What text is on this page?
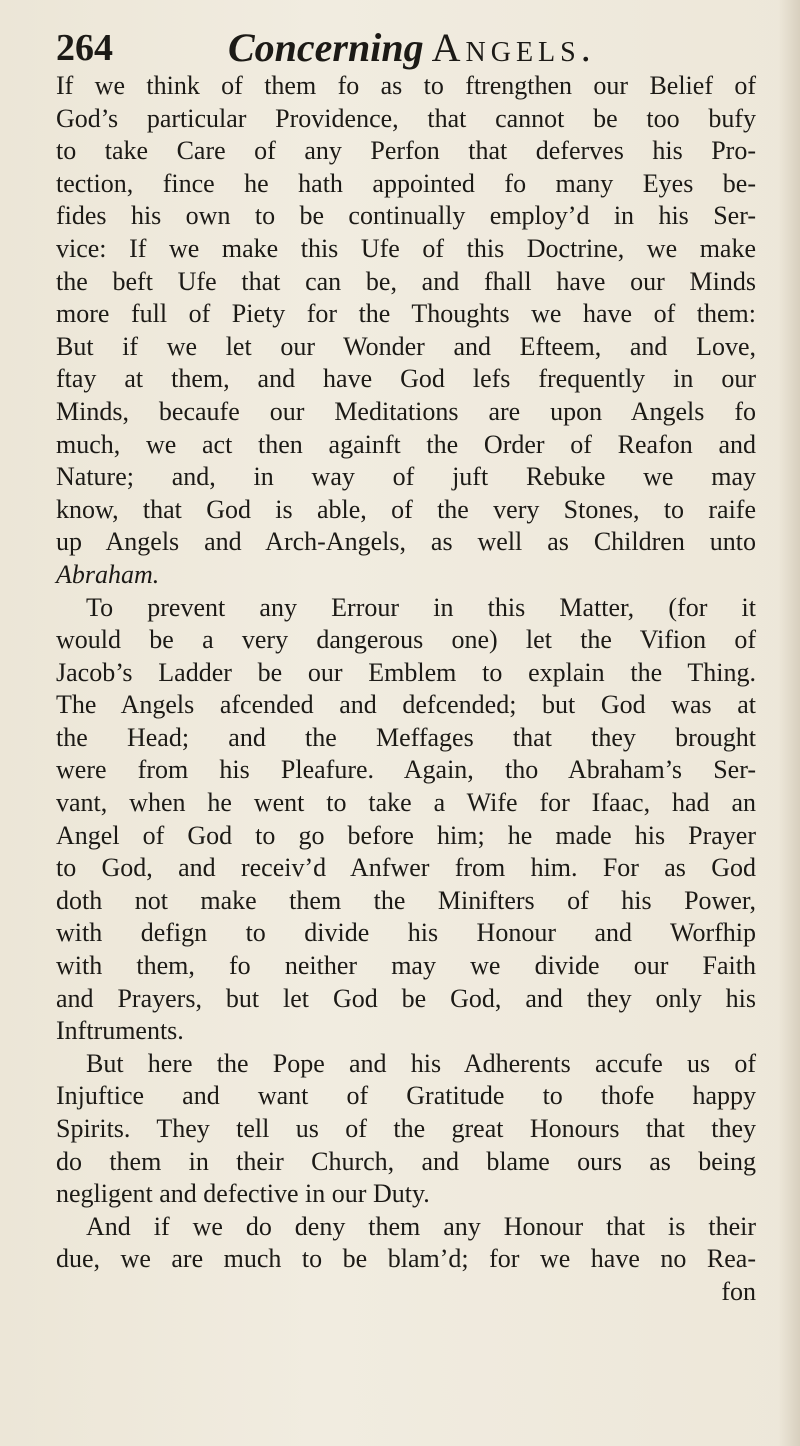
264	Concerning Angels.
If we think of them fo as to ftrengthen our Belief of
God’s particular Providence, that cannot be too bufy
to take Care of any Perfon that deferves his Pro-
tection, fince he hath appointed fo many Eyes be-
fides his own to be continually employ’d in his Ser-
vice: If we make this Ufe of this Doctrine, we make
the beft Ufe that can be, and fhall have our Minds
more full of Piety for the Thoughts we have of them:
But if we let our Wonder and Efteem, and Love,
ftay at them, and have God lefs frequently in our
Minds, becaufe our Meditations are upon Angels fo
much, we act then againft the Order of Reafon and
Nature; and, in way of juft Rebuke we may
know, that God is able, of the very Stones, to raife
up Angels and Arch-Angels, as well as Children unto
Abraham.
To prevent any Errour in this Matter, (for it
would be a very dangerous one) let the Vifion of
Jacob’s Ladder be our Emblem to explain the Thing.
The Angels afcended and defcended; but God was at
the Head; and the Meffages that they brought
were from his Pleafure. Again, tho Abraham’s Ser-
vant, when he went to take a Wife for Ifaac, had an
Angel of God to go before him; he made his Prayer
to God, and receiv’d Anfwer from him. For as God
doth not make them the Minifters of his Power,
with defign to divide his Honour and Worfhip
with them, fo neither may we divide our Faith
and Prayers, but let God be God, and they only his
Inftruments.
But here the Pope and his Adherents accufe us of
Injuftice and want of Gratitude to thofe happy
Spirits. They tell us of the great Honours that they
do them in their Church, and blame ours as being
negligent and defective in our Duty.
And if we do deny them any Honour that is their
due, we are much to be blam’d; for we have no Rea-
fon
